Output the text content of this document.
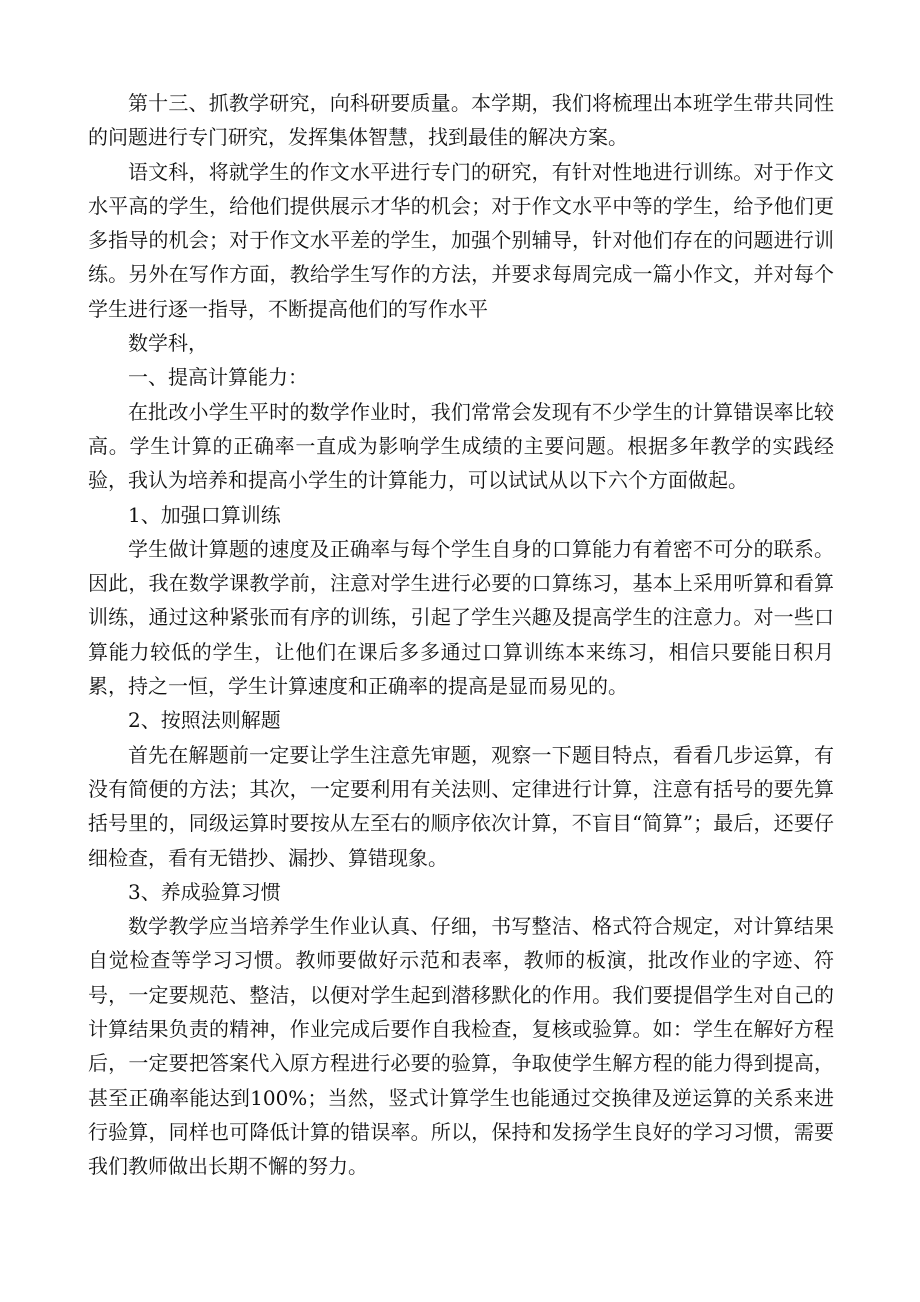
第十三、抓教学研究，向科研要质量。本学期，我们将梳理出本班学生带共同性的问题进行专门研究，发挥集体智慧，找到最佳的解决方案。

语文科，将就学生的作文水平进行专门的研究，有针对性地进行训练。对于作文水平高的学生，给他们提供展示才华的机会；对于作文水平中等的学生，给予他们更多指导的机会；对于作文水平差的学生，加强个别辅导，针对他们存在的问题进行训练。另外在写作方面，教给学生写作的方法，并要求每周完成一篇小作文，并对每个学生进行逐一指导，不断提高他们的写作水平

数学科，

一、提高计算能力：

在批改小学生平时的数学作业时，我们常常会发现有不少学生的计算错误率比较高。学生计算的正确率一直成为影响学生成绩的主要问题。根据多年教学的实践经验，我认为培养和提高小学生的计算能力，可以试试从以下六个方面做起。

1、加强口算训练

学生做计算题的速度及正确率与每个学生自身的口算能力有着密不可分的联系。因此，我在数学课教学前，注意对学生进行必要的口算练习，基本上采用听算和看算训练，通过这种紧张而有序的训练，引起了学生兴趣及提高学生的注意力。对一些口算能力较低的学生，让他们在课后多多通过口算训练本来练习，相信只要能日积月累，持之一恒，学生计算速度和正确率的提高是显而易见的。

2、按照法则解题

首先在解题前一定要让学生注意先审题，观察一下题目特点，看看几步运算，有没有简便的方法；其次，一定要利用有关法则、定律进行计算，注意有括号的要先算括号里的，同级运算时要按从左至右的顺序依次计算，不盲目“简算”；最后，还要仔细检查，看有无错抄、漏抄、算错现象。

3、养成验算习惯

数学教学应当培养学生作业认真、仔细，书写整洁、格式符合规定，对计算结果自觉检查等学习习惯。教师要做好示范和表率，教师的板演，批改作业的字迹、符号，一定要规范、整洁，以便对学生起到潜移默化的作用。我们要提倡学生对自己的计算结果负责的精神，作业完成后要作自我检查，复核或验算。如：学生在解好方程后，一定要把答案代入原方程进行必要的验算，争取使学生解方程的能力得到提高，甚至正确率能达到100%；当然，竖式计算学生也能通过交换律及逆运算的关系来进行验算，同样也可降低计算的错误率。所以，保持和发扬学生良好的学习习惯，需要我们教师做出长期不懈的努力。
